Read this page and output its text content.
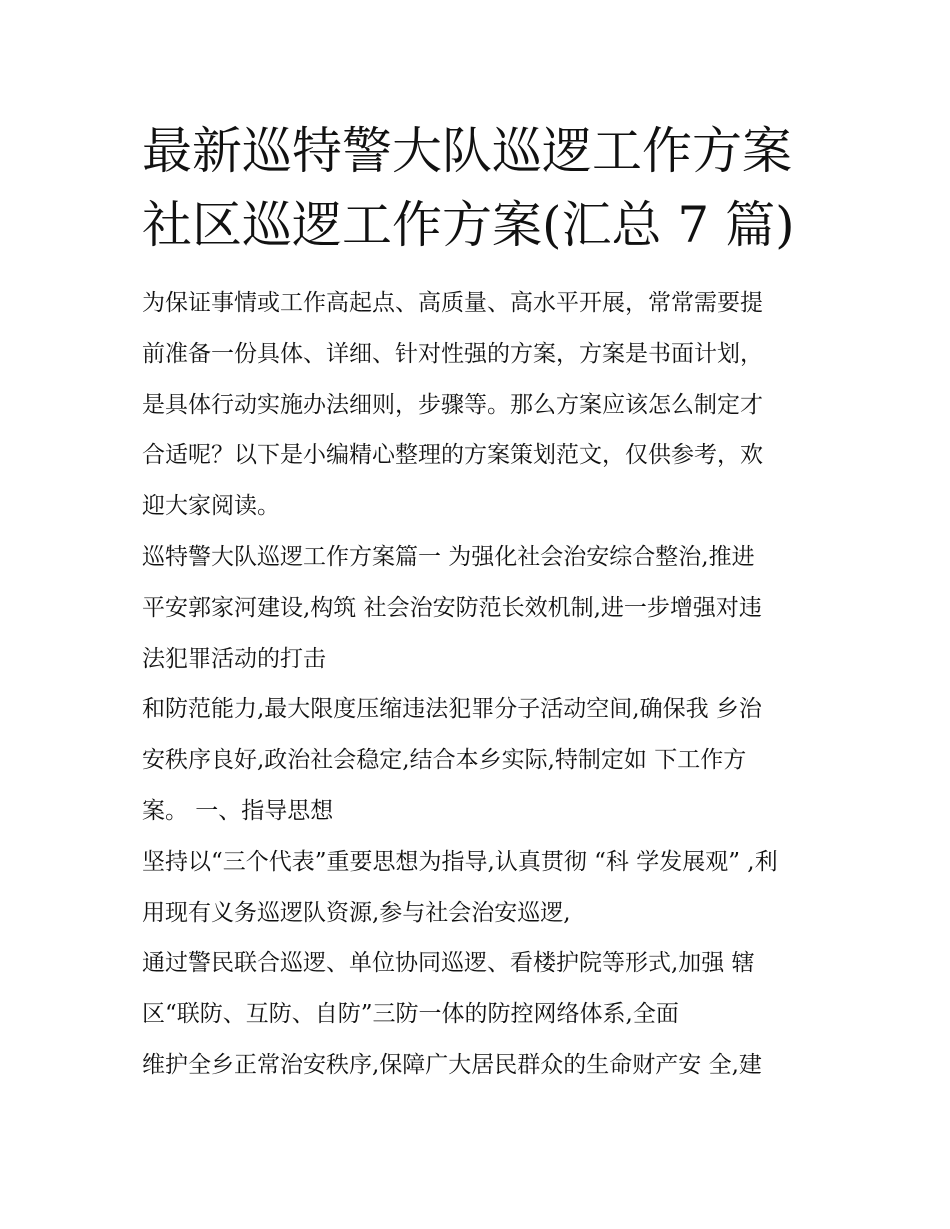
最新巡特警大队巡逻工作方案
社区巡逻工作方案(汇总 7 篇)
为保证事情或工作高起点、高质量、高水平开展，常常需要提
前准备一份具体、详细、针对性强的方案，方案是书面计划，
是具体行动实施办法细则，步骤等。那么方案应该怎么制定才
合适呢？以下是小编精心整理的方案策划范文，仅供参考，欢
迎大家阅读。
巡特警大队巡逻工作方案篇一 为强化社会治安综合整治,推进
平安郭家河建设,构筑 社会治安防范长效机制,进一步增强对违
法犯罪活动的打击
和防范能力,最大限度压缩违法犯罪分子活动空间,确保我 乡治
安秩序良好,政治社会稳定,结合本乡实际,特制定如 下工作方
案。 一、指导思想
坚持以“三个代表”重要思想为指导,认真贯彻 “科 学发展观” ,利
用现有义务巡逻队资源,参与社会治安巡逻,
通过警民联合巡逻、单位协同巡逻、看楼护院等形式,加强 辖
区“联防、互防、自防”三防一体的防控网络体系,全面
维护全乡正常治安秩序,保障广大居民群众的生命财产安 全,建
